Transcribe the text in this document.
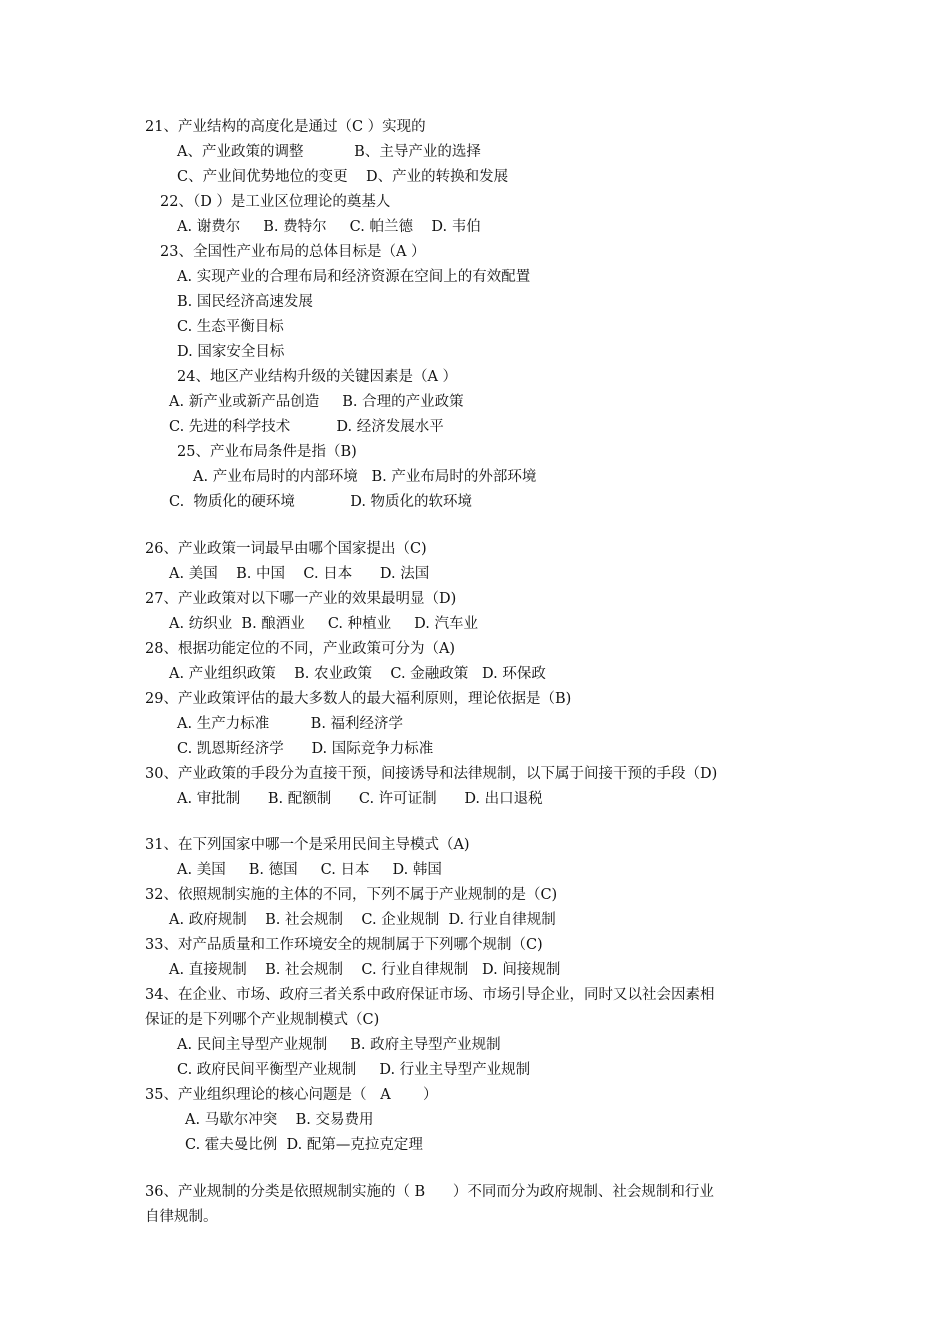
21、产业结构的高度化是通过（C ）实现的
A、产业政策的调整           B、主导产业的选择
C、产业间优势地位的变更    D、产业的转换和发展
22、（D ）是工业区位理论的奠基人
A. 谢费尔     B. 费特尔     C. 帕兰德    D. 韦伯
23、全国性产业布局的总体目标是（A ）
A. 实现产业的合理布局和经济资源在空间上的有效配置
B. 国民经济高速发展
C. 生态平衡目标
D. 国家安全目标
24、地区产业结构升级的关键因素是（A ）
A. 新产业或新产品创造     B. 合理的产业政策
C. 先进的科学技术          D. 经济发展水平
25、产业布局条件是指（B)
A. 产业布局时的内部环境   B. 产业布局时的外部环境
C.  物质化的硬环境            D. 物质化的软环境
26、产业政策一词最早由哪个国家提出（C)
A. 美国    B. 中国    C. 日本      D. 法国
27、产业政策对以下哪一产业的效果最明显（D)
A. 纺织业  B. 酿酒业     C. 种植业     D. 汽车业
28、根据功能定位的不同，产业政策可分为（A)
A. 产业组织政策    B. 农业政策    C. 金融政策   D. 环保政
29、产业政策评估的最大多数人的最大福利原则，理论依据是（B)
A. 生产力标准         B. 福利经济学
C. 凯恩斯经济学      D. 国际竞争力标准
30、产业政策的手段分为直接干预，间接诱导和法律规制，以下属于间接干预的手段（D)
A. 审批制      B. 配额制      C. 许可证制      D. 出口退税
31、在下列国家中哪一个是采用民间主导模式（A)
A. 美国     B. 德国     C. 日本     D. 韩国
32、依照规制实施的主体的不同，下列不属于产业规制的是（C)
A. 政府规制    B. 社会规制    C. 企业规制  D. 行业自律规制
33、对产品质量和工作环境安全的规制属于下列哪个规制（C)
A. 直接规制    B. 社会规制    C. 行业自律规制   D. 间接规制
34、在企业、市场、政府三者关系中政府保证市场、市场引导企业，同时又以社会因素相
保证的是下列哪个产业规制模式（C)
A. 民间主导型产业规制     B. 政府主导型产业规制
C. 政府民间平衡型产业规制     D. 行业主导型产业规制
35、产业组织理论的核心问题是（   A       ）
A. 马歇尔冲突    B. 交易费用
C. 霍夫曼比例  D. 配第—克拉克定理
36、产业规制的分类是依照规制实施的（ B      ）不同而分为政府规制、社会规制和行业
自律规制。
